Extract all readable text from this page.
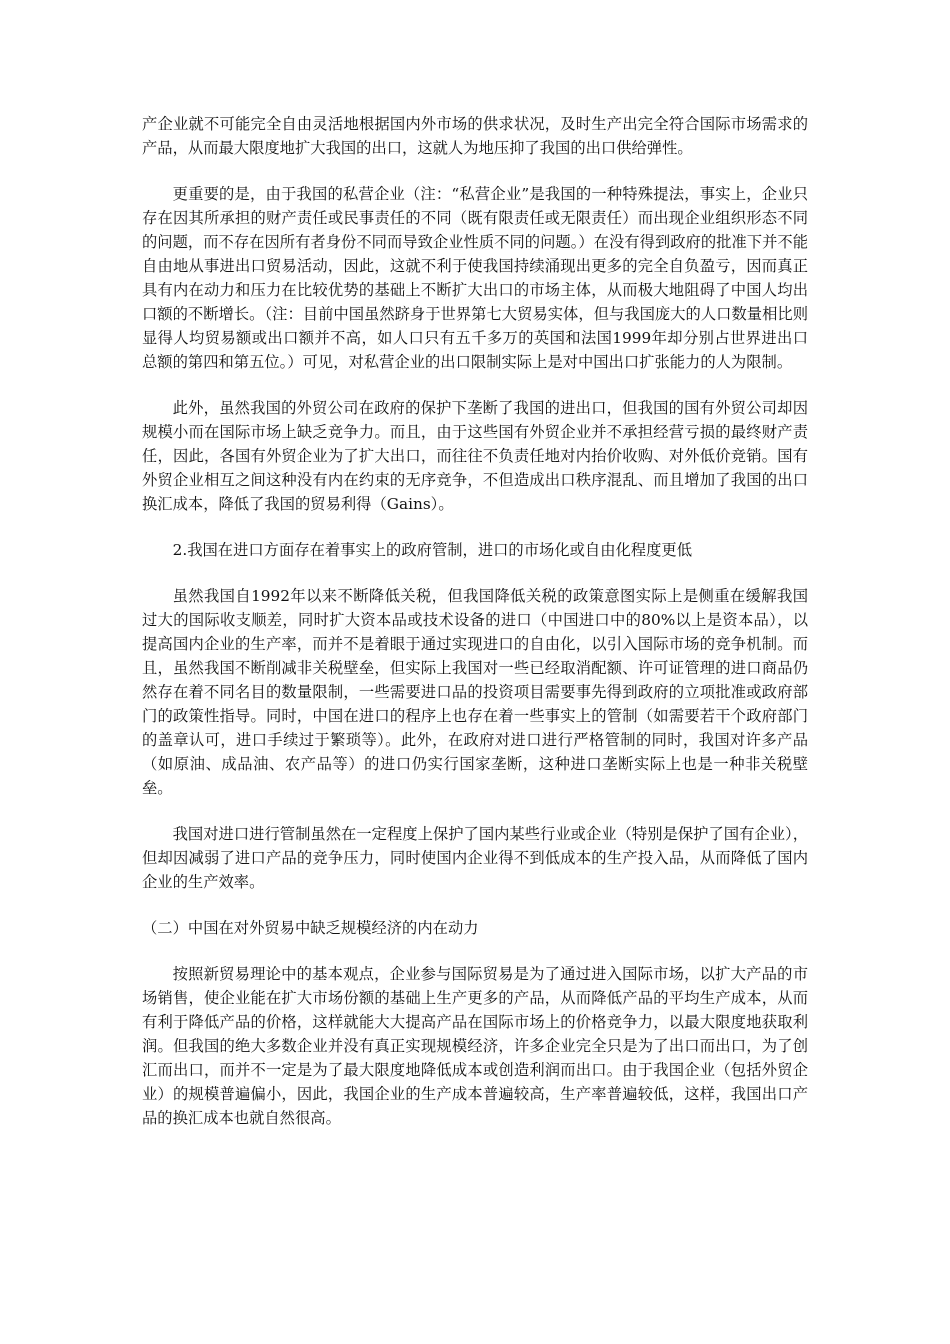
产企业就不可能完全自由灵活地根据国内外市场的供求状况，及时生产出完全符合国际市场需求的产品，从而最大限度地扩大我国的出口，这就人为地压抑了我国的出口供给弹性。

更重要的是，由于我国的私营企业（注：“私营企业”是我国的一种特殊提法，事实上，企业只存在因其所承担的财产责任或民事责任的不同（既有限责任或无限责任）而出现企业组织形态不同的问题，而不存在因所有者身份不同而导致企业性质不同的问题。）在没有得到政府的批准下并不能自由地从事进出口贸易活动，因此，这就不利于使我国持续涌现出更多的完全自负盈亏，因而真正具有内在动力和压力在比较优势的基础上不断扩大出口的市场主体，从而极大地阻碍了中国人均出口额的不断增长。（注：目前中国虽然跻身于世界第七大贸易实体，但与我国庞大的人口数量相比则显得人均贸易额或出口额并不高，如人口只有五千多万的英国和法国1999年却分别占世界进出口总额的第四和第五位。）可见，对私营企业的出口限制实际上是对中国出口扩张能力的人为限制。

此外，虽然我国的外贸公司在政府的保护下垄断了我国的进出口，但我国的国有外贸公司却因规模小而在国际市场上缺乏竞争力。而且，由于这些国有外贸企业并不承担经营亏损的最终财产责任，因此，各国有外贸企业为了扩大出口，而往往不负责任地对内抬价收购、对外低价竞销。国有外贸企业相互之间这种没有内在约束的无序竞争，不但造成出口秩序混乱、而且增加了我国的出口换汇成本，降低了我国的贸易利得（Gains）。

2.我国在进口方面存在着事实上的政府管制，进口的市场化或自由化程度更低

虽然我国自1992年以来不断降低关税，但我国降低关税的政策意图实际上是侧重在缓解我国过大的国际收支顺差，同时扩大资本品或技术设备的进口（中国进口中的80%以上是资本品），以提高国内企业的生产率，而并不是着眼于通过实现进口的自由化，以引入国际市场的竞争机制。而且，虽然我国不断削减非关税壁垒，但实际上我国对一些已经取消配额、许可证管理的进口商品仍然存在着不同名目的数量限制，一些需要进口品的投资项目需要事先得到政府的立项批准或政府部门的政策性指导。同时，中国在进口的程序上也存在着一些事实上的管制（如需要若干个政府部门的盖章认可，进口手续过于繁琐等）。此外，在政府对进口进行严格管制的同时，我国对许多产品（如原油、成品油、农产品等）的进口仍实行国家垄断，这种进口垄断实际上也是一种非关税壁垒。

我国对进口进行管制虽然在一定程度上保护了国内某些行业或企业（特别是保护了国有企业），但却因减弱了进口产品的竞争压力，同时使国内企业得不到低成本的生产投入品，从而降低了国内企业的生产效率。

（二）中国在对外贸易中缺乏规模经济的内在动力

按照新贸易理论中的基本观点，企业参与国际贸易是为了通过进入国际市场，以扩大产品的市场销售，使企业能在扩大市场份额的基础上生产更多的产品，从而降低产品的平均生产成本，从而有利于降低产品的价格，这样就能大大提高产品在国际市场上的价格竞争力，以最大限度地获取利润。但我国的绝大多数企业并没有真正实现规模经济，许多企业完全只是为了出口而出口，为了创汇而出口，而并不一定是为了最大限度地降低成本或创造利润而出口。由于我国企业（包括外贸企业）的规模普遍偏小，因此，我国企业的生产成本普遍较高，生产率普遍较低，这样，我国出口产品的换汇成本也就自然很高。
